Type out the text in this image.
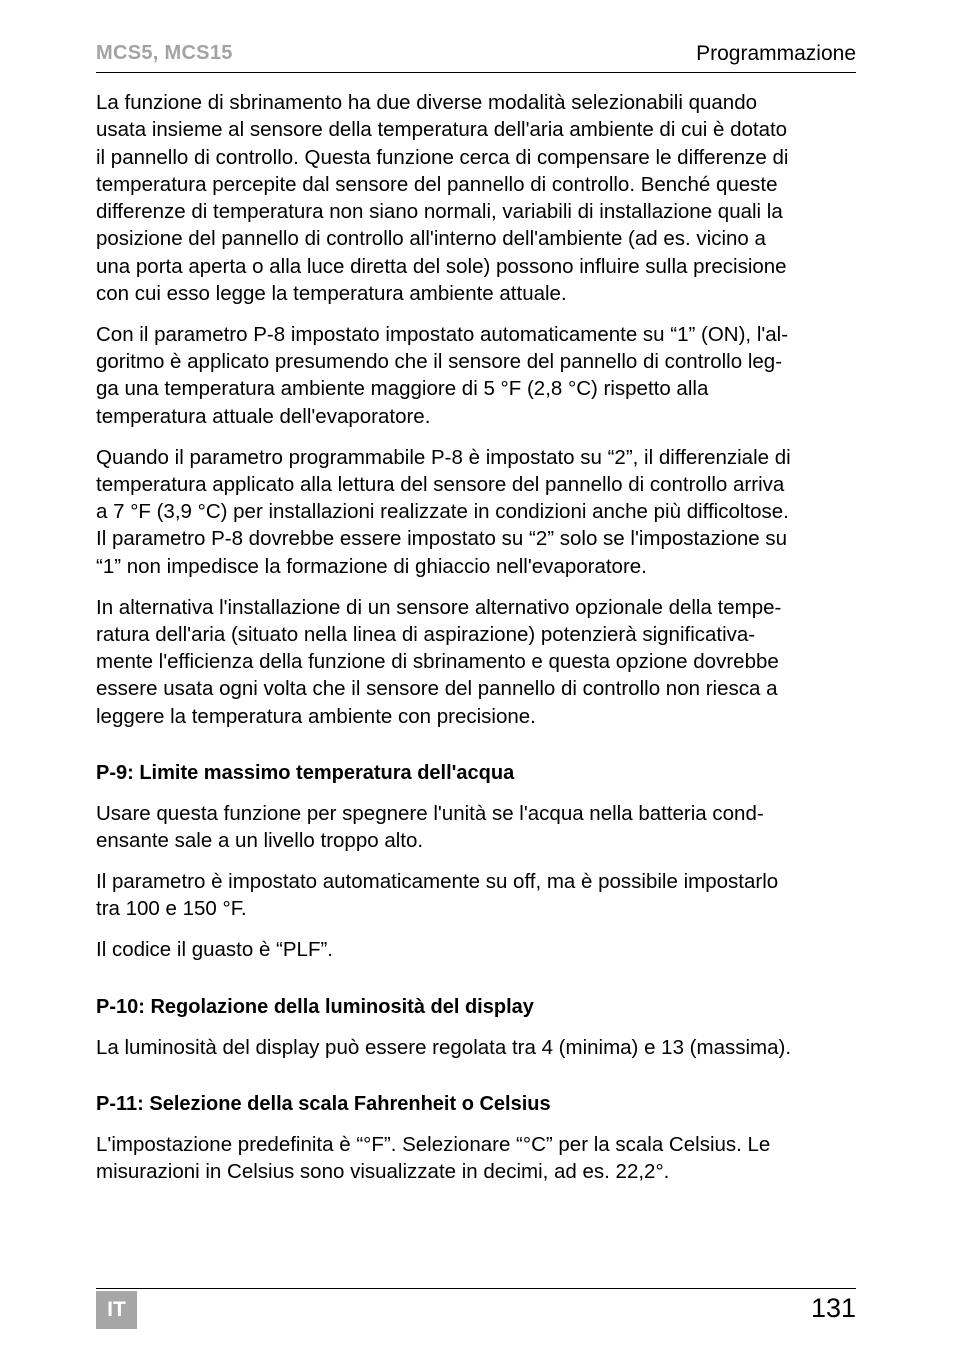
MCS5, MCS15	Programmazione

La funzione di sbrinamento ha due diverse modalità selezionabili quando
usata insieme al sensore della temperatura dell'aria ambiente di cui è dotato
il pannello di controllo. Questa funzione cerca di compensare le differenze di
temperatura percepite dal sensore del pannello di controllo. Benché queste
differenze di temperatura non siano normali, variabili di installazione quali la
posizione del pannello di controllo all'interno dell'ambiente (ad es. vicino a
una porta aperta o alla luce diretta del sole) possono influire sulla precisione
con cui esso legge la temperatura ambiente attuale.

Con il parametro P-8 impostato impostato automaticamente su “1” (ON), l'al-
goritmo è applicato presumendo che il sensore del pannello di controllo leg-
ga una temperatura ambiente maggiore di 5 °F (2,8 °C) rispetto alla
temperatura attuale dell'evaporatore.

Quando il parametro programmabile P-8 è impostato su “2”, il differenziale di
temperatura applicato alla lettura del sensore del pannello di controllo arriva
a 7 °F (3,9 °C) per installazioni realizzate in condizioni anche più difficoltose.
Il parametro P-8 dovrebbe essere impostato su “2” solo se l'impostazione su
“1” non impedisce la formazione di ghiaccio nell'evaporatore.

In alternativa l'installazione di un sensore alternativo opzionale della tempe-
ratura dell'aria (situato nella linea di aspirazione) potenzierà significativa-
mente l'efficienza della funzione di sbrinamento e questa opzione dovrebbe
essere usata ogni volta che il sensore del pannello di controllo non riesca a
leggere la temperatura ambiente con precisione.

P-9: Limite massimo temperatura dell'acqua

Usare questa funzione per spegnere l'unità se l'acqua nella batteria cond-
ensante sale a un livello troppo alto.

Il parametro è impostato automaticamente su off, ma è possibile impostarlo
tra 100 e 150 °F.

Il codice il guasto è “PLF”.

P-10: Regolazione della luminosità del display

La luminosità del display può essere regolata tra 4 (minima) e 13 (massima).

P-11: Selezione della scala Fahrenheit o Celsius

L'impostazione predefinita è “°F”. Selezionare “°C” per la scala Celsius. Le
misurazioni in Celsius sono visualizzate in decimi, ad es. 22,2°.

IT	131
